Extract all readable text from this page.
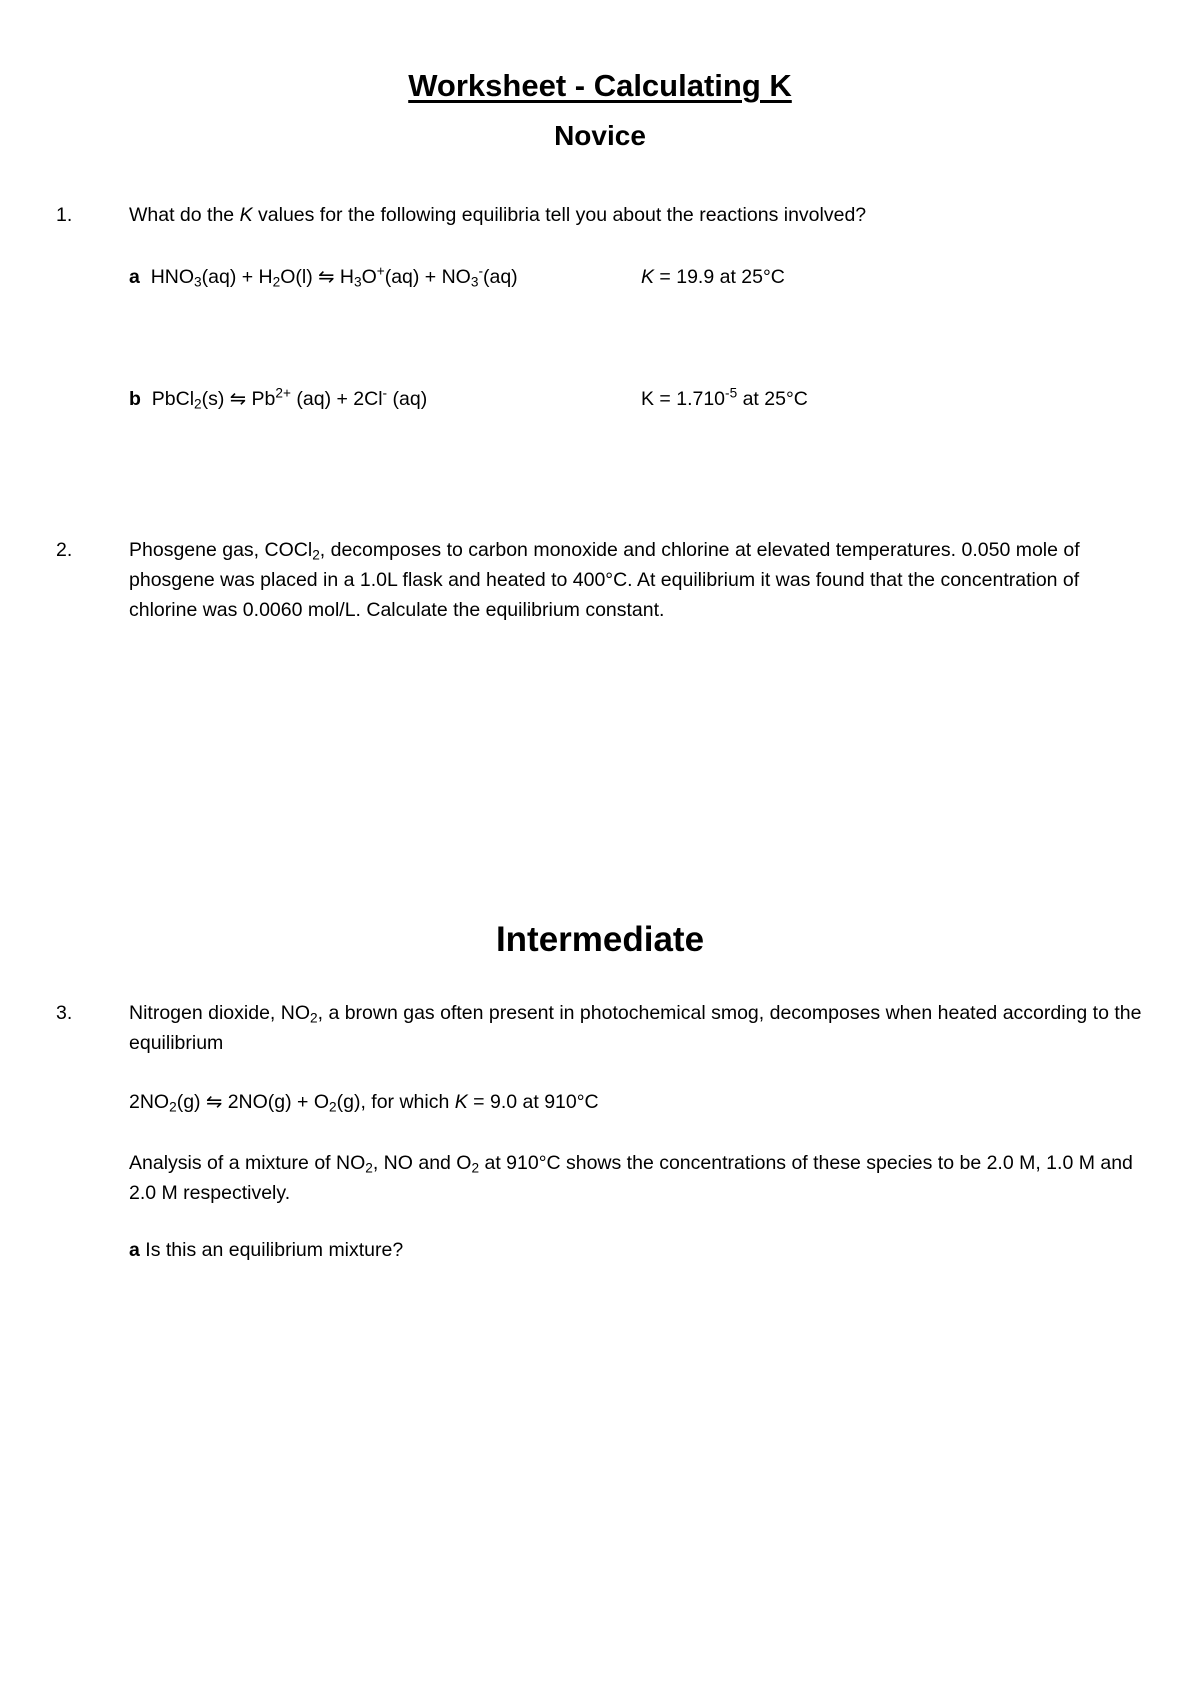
Worksheet - Calculating K
Novice
1.	What do the K values for the following equilibria tell you about the reactions involved?
a $HNO_3(aq) + H_2O(l)$ ⇋ $H_3O^+(aq) + NO_3^-(aq)$	K = 19.9 at 25°C
b PbCl$_2$(s) ⇋ $Pb^{2+}$ (aq) + 2Cl- (aq)	$K = 1.710^{-5}$ at 25°C
2.	Phosgene gas, COCl$_2$, decomposes to carbon monoxide and chlorine at elevated temperatures. 0.050 mole of phosgene was placed in a 1.0L flask and heated to 400°C. At equilibrium it was found that the concentration of chlorine was 0.0060 mol/L. Calculate the equilibrium constant.
Intermediate
3.	Nitrogen dioxide, $NO_2$, a brown gas often present in photochemical smog, decomposes when heated according to the equilibrium
$2NO_2(g)$ ⇋ $2NO(g) + O_2(g)$, for which K = 9.0 at 910°C
Analysis of a mixture of $NO_2$, NO and $O_2$ at 910°C shows the concentrations of these species to be 2.0 M, 1.0 M and 2.0 M respectively.
a Is this an equilibrium mixture?
